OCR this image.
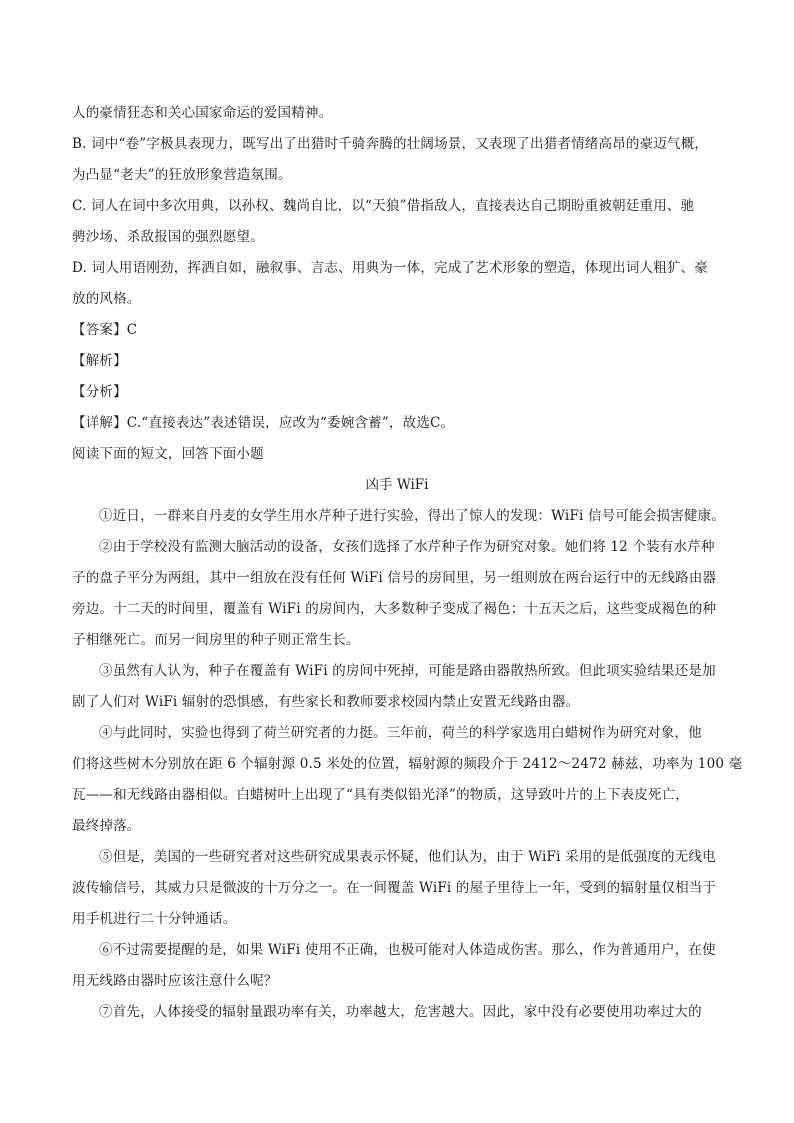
人的豪情狂态和关心国家命运的爱国精神。
B. 词中“卷”字极具表现力，既写出了出猎时千骑奔腾的壮阔场景，又表现了出猎者情绪高昂的豪迈气概，
为凸显“老夫”的狂放形象营造氛围。
C. 词人在词中多次用典，以孙权、魏尚自比，以“天狼”借指敌人，直接表达自己期盼重被朝廷重用、驰
骋沙场、杀敌报国的强烈愿望。
D. 词人用语刚劲，挥洒自如，融叙事、言志、用典为一体，完成了艺术形象的塑造，体现出词人粗犷、豪
放的风格。
【答案】C
【解析】
【分析】
【详解】C.“直接表达”表述错误，应改为“委婉含蓄”，故选C。
阅读下面的短文，回答下面小题
凶手 WiFi
①近日，一群来自丹麦的女学生用水芹种子进行实验，得出了惊人的发现：WiFi 信号可能会损害健康。
②由于学校没有监测大脑活动的设备，女孩们选择了水芹种子作为研究对象。她们将 12 个装有水芹种
子的盘子平分为两组，其中一组放在没有任何 WiFi 信号的房间里，另一组则放在两台运行中的无线路由器
旁边。十二天的时间里，覆盖有 WiFi 的房间内，大多数种子变成了褐色；十五天之后，这些变成褐色的种
子相继死亡。而另一间房里的种子则正常生长。
③虽然有人认为，种子在覆盖有 WiFi 的房间中死掉，可能是路由器散热所致。但此项实验结果还是加
剧了人们对 WiFi 辐射的恐惧感，有些家长和教师要求校园内禁止安置无线路由器。
④与此同时，实验也得到了荷兰研究者的力挺。三年前，荷兰的科学家选用白蜡树作为研究对象，他
们将这些树木分别放在距 6 个辐射源 0.5 米处的位置，辐射源的频段介于 2412～2472 赫兹，功率为 100 毫
瓦——和无线路由器相似。白蜡树叶上出现了“具有类似铅光泽”的物质，这导致叶片的上下表皮死亡，
最终掉落。
⑤但是，美国的一些研究者对这些研究成果表示怀疑，他们认为，由于 WiFi 采用的是低强度的无线电
波传输信号，其威力只是微波的十万分之一。在一间覆盖 WiFi 的屋子里待上一年，受到的辐射量仅相当于
用手机进行二十分钟通话。
⑥不过需要提醒的是，如果 WiFi 使用不正确，也极可能对人体造成伤害。那么，作为普通用户，在使
用无线路由器时应该注意什么呢？
⑦首先，人体接受的辐射量跟功率有关，功率越大，危害越大。因此，家中没有必要使用功率过大的
